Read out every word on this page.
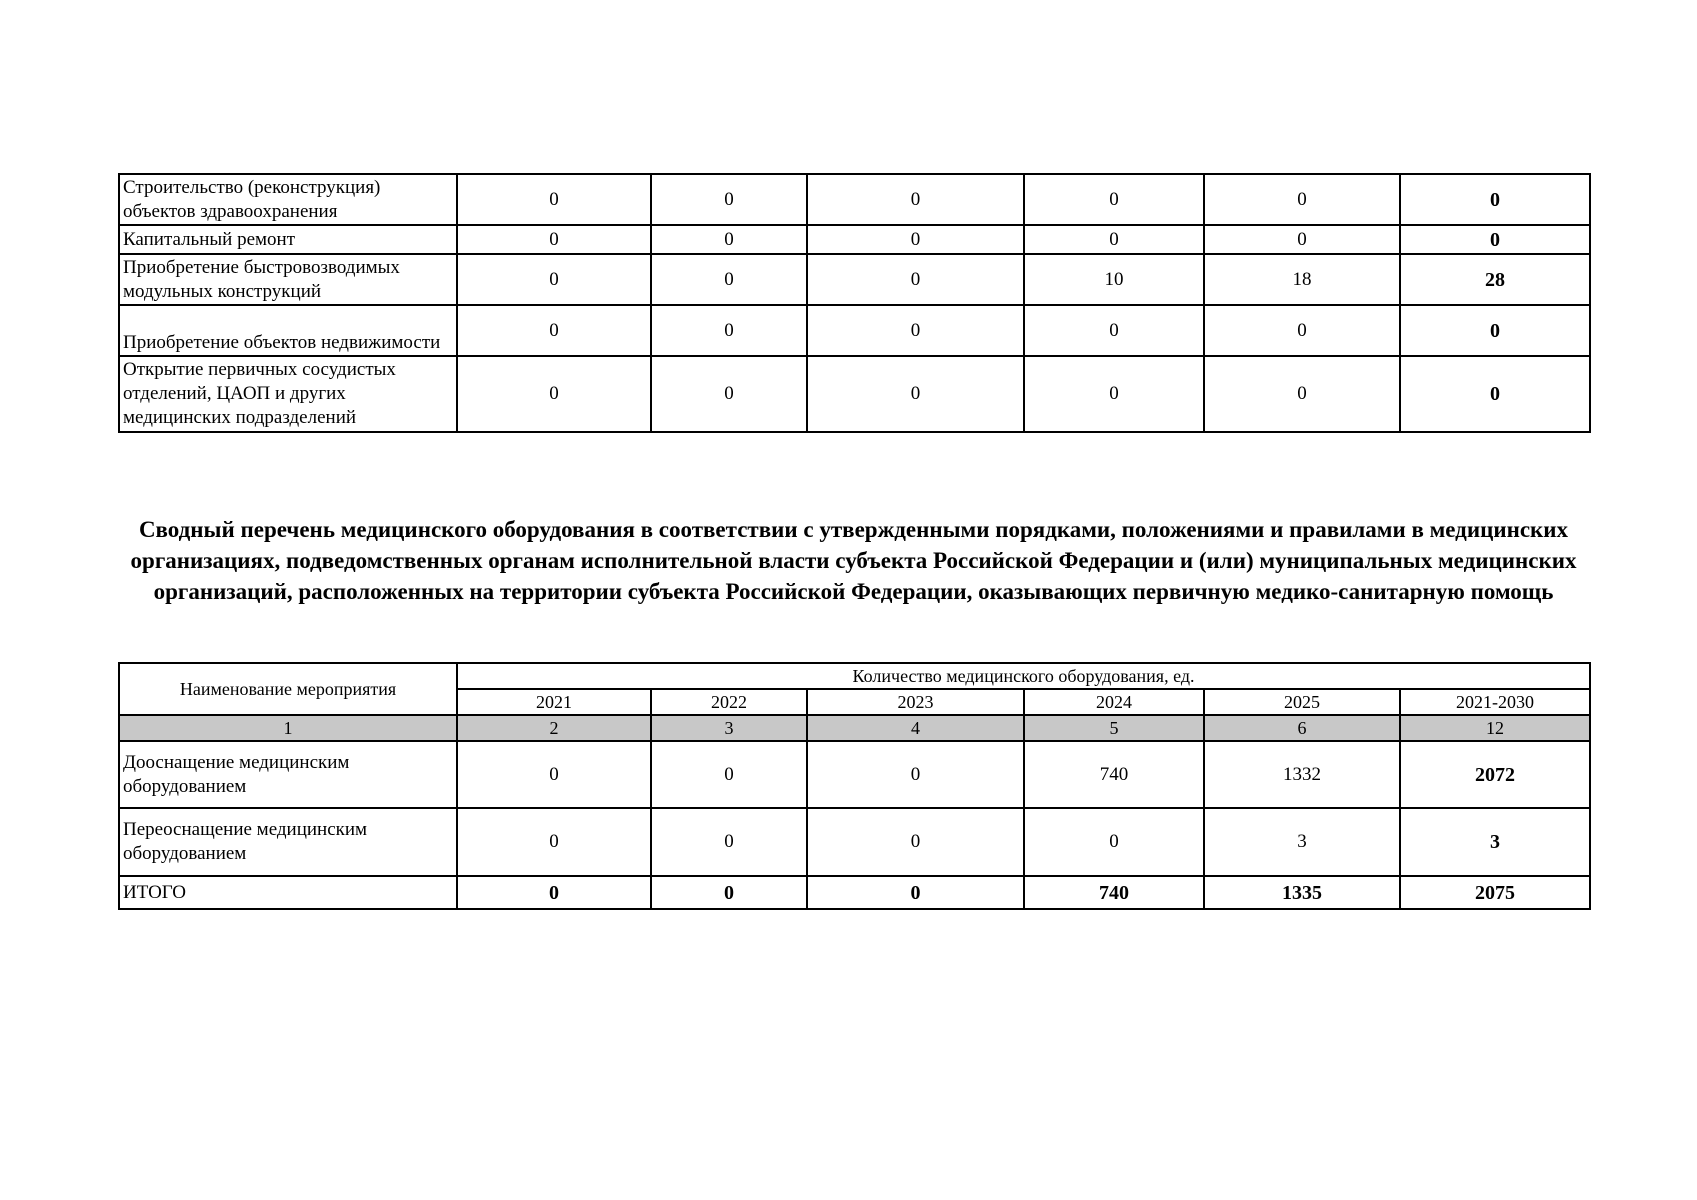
Строительство (реконструкция) объектов здравоохранения	0	0	0	0	0	0
Капитальный ремонт	0	0	0	0	0	0
Приобретение быстровозводимых модульных конструкций	0	0	0	10	18	28
Приобретение объектов недвижимости	0	0	0	0	0	0
Открытие первичных сосудистых отделений, ЦАОП и других медицинских подразделений	0	0	0	0	0	0
Сводный перечень медицинского оборудования в соответствии с утвержденными порядками, положениями и правилами в медицинских организациях, подведомственных органам исполнительной власти субъекта Российской Федерации и (или) муниципальных медицинских организаций, расположенных на территории субъекта Российской Федерации, оказывающих первичную медико-санитарную помощь
Наименование мероприятия	Количество медицинского оборудования, ед.					
	2021	2022	2023	2024	2025	2021-2030
1	2	3	4	5	6	12
Дооснащение медицинским оборудованием	0	0	0	740	1332	2072
Переоснащение медицинским оборудованием	0	0	0	0	3	3
ИТОГО	0	0	0	740	1335	2075
